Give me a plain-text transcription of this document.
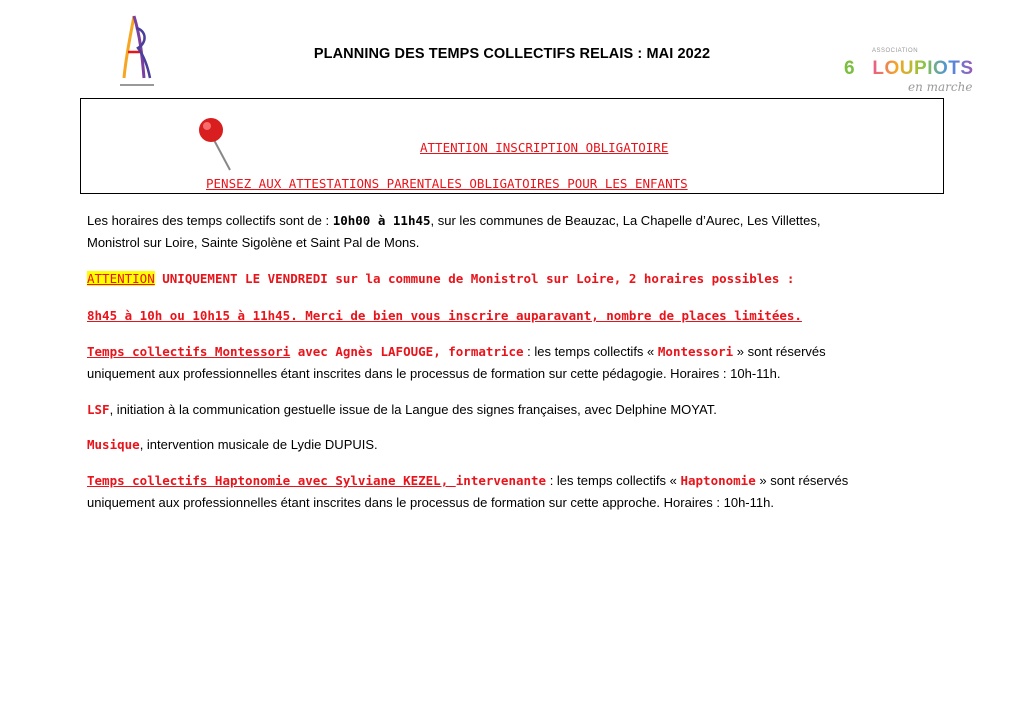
PLANNING DES TEMPS COLLECTIFS RELAIS : MAI 2022	ASSOCIATION
6 LOUPIOTS
en marche
ATTENTION INSCRIPTION OBLIGATOIRE
PENSEZ AUX ATTESTATIONS PARENTALES OBLIGATOIRES POUR LES ENFANTS
Les horaires des temps collectifs sont de : 10h00 à 11h45, sur les communes de Beauzac, La Chapelle d’Aurec, Les Villettes,
Monistrol sur Loire, Sainte Sigolène et Saint Pal de Mons.
ATTENTION UNIQUEMENT LE VENDREDI sur la commune de Monistrol sur Loire, 2 horaires possibles :
8h45 à 10h ou 10h15 à 11h45. Merci de bien vous inscrire auparavant, nombre de places limitées.
Temps collectifs Montessori avec Agnès LAFOUGE, formatrice : les temps collectifs « Montessori » sont réservés
uniquement aux professionnelles étant inscrites dans le processus de formation sur cette pédagogie. Horaires : 10h-11h.
LSF, initiation à la communication gestuelle issue de la Langue des signes françaises, avec Delphine MOYAT.
Musique, intervention musicale de Lydie DUPUIS.
Temps collectifs Haptonomie avec Sylviane KEZEL, intervenante : les temps collectifs « Haptonomie » sont réservés
uniquement aux professionnelles étant inscrites dans le processus de formation sur cette approche. Horaires : 10h-11h.
